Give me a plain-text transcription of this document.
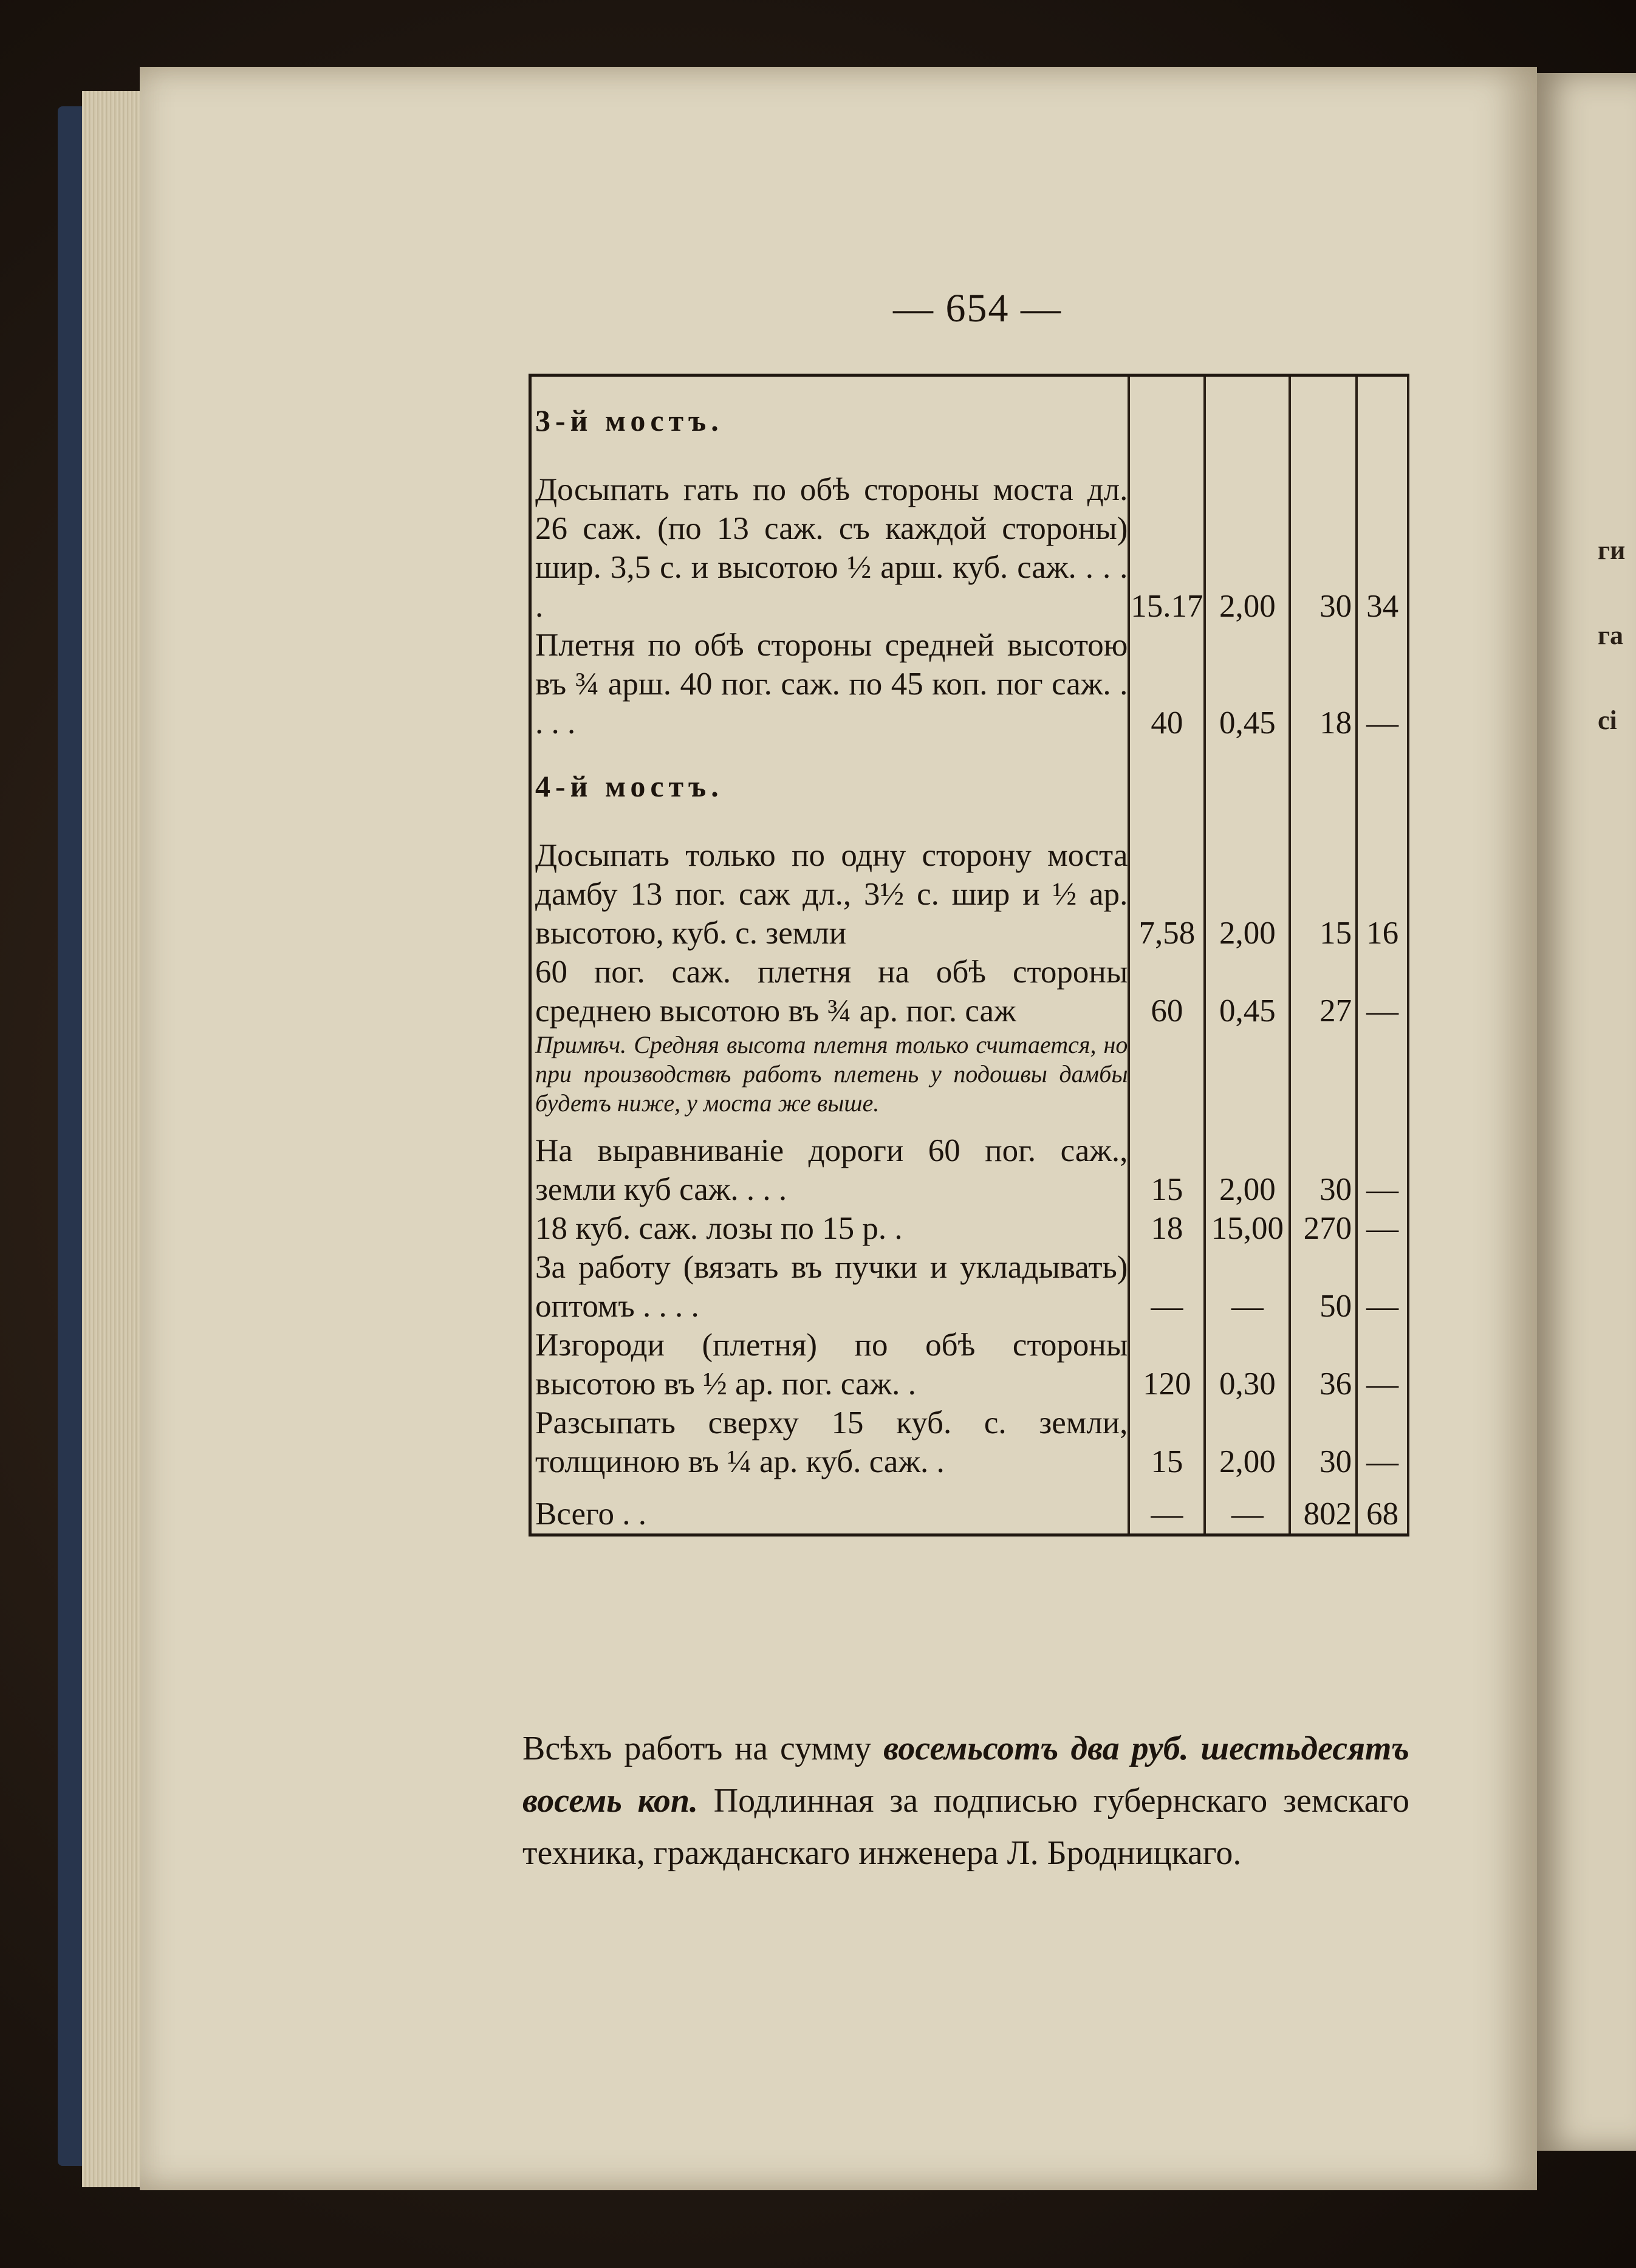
ги
га
сі
— 654 —
3-й мостъ.				
Досыпать гать по обѣ стороны моста дл. 26 саж. (по 13 саж. съ каждой стороны) шир. 3,5 с. и высотою ½ арш. куб. саж. . . . .	15.17	2,00	30	34
Плетня по обѣ стороны средней высотою въ ¾ арш. 40 пог. саж. по 45 коп. пог саж. . . . .	40	0,45	18	—
4-й мостъ.				
Досыпать только по одну сторону моста дамбу 13 пог. саж дл., 3½ с. шир и ½ ар. высотою, куб. с. земли	7,58	2,00	15	16
60 пог. саж. плетня на обѣ стороны среднею высотою въ ¾ ар. пог. саж	60	0,45	27	—
Примѣч. Средняя высота плетня только считается, но при производствѣ работъ плетень у подошвы дамбы будетъ ниже, у моста же выше.				

На выравниваніе дороги 60 пог. саж., земли куб саж. . . .	15	2,00	30	—
18 куб. саж. лозы по 15 р. .	18	15,00	270	—
За работу (вязать въ пучки и укладывать) оптомъ . . . .	—	—	50	—
Изгороди (плетня) по обѣ стороны высотою въ ½ ар. пог. саж. .	120	0,30	36	—
Разсыпать сверху 15 куб. с. земли, толщиною въ ¼ ар. куб. саж. .	15	2,00	30	—

Всего . .	—	—	802	68
Всѣхъ работъ на сумму восемьсотъ два руб. шестьдесятъ восемь коп. Подлинная за подписью губернскаго земскаго техника, гражданскаго инженера Л. Бродницкаго.
